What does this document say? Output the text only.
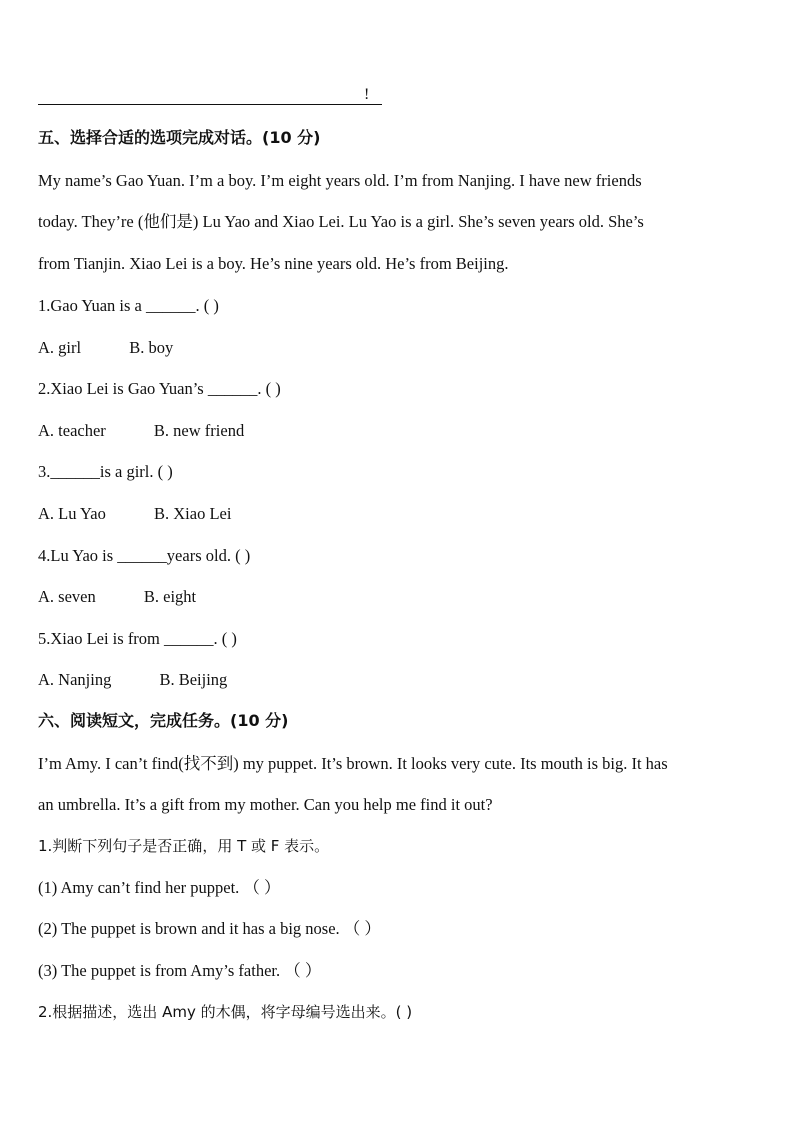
!
五、选择合适的选项完成对话。(10 分)
My name’s Gao Yuan. I’m a boy. I’m eight years old. I’m from Nanjing. I have new friends
today. They’re (他们是) Lu Yao and Xiao Lei. Lu Yao is a girl. She’s seven years old. She’s
from Tianjin. Xiao Lei is a boy. He’s nine years old. He’s from Beijing.
1.Gao Yuan is a ______. ( )
A. girl	B. boy
2.Xiao Lei is Gao Yuan’s ______. ( )
A. teacher	B. new friend
3.______is a girl. ( )
A. Lu Yao	B. Xiao Lei
4.Lu Yao is ______years old. ( )
A. seven	B. eight
5.Xiao Lei is from ______. ( )
A. Nanjing	B. Beijing
六、阅读短文，完成任务。(10 分)
I’m Amy. I can’t find(找不到) my puppet. It’s brown. It looks very cute. Its mouth is big. It has
an umbrella. It’s a gift from my mother. Can you help me find it out?
1.判断下列句子是否正确，用 T 或 F 表示。
(1) Amy can’t find her puppet. （ ）
(2) The puppet is brown and it has a big nose. （ ）
(3) The puppet is from Amy’s father. （ ）
2.根据描述，选出 Amy 的木偶，将字母编号选出来。( )
